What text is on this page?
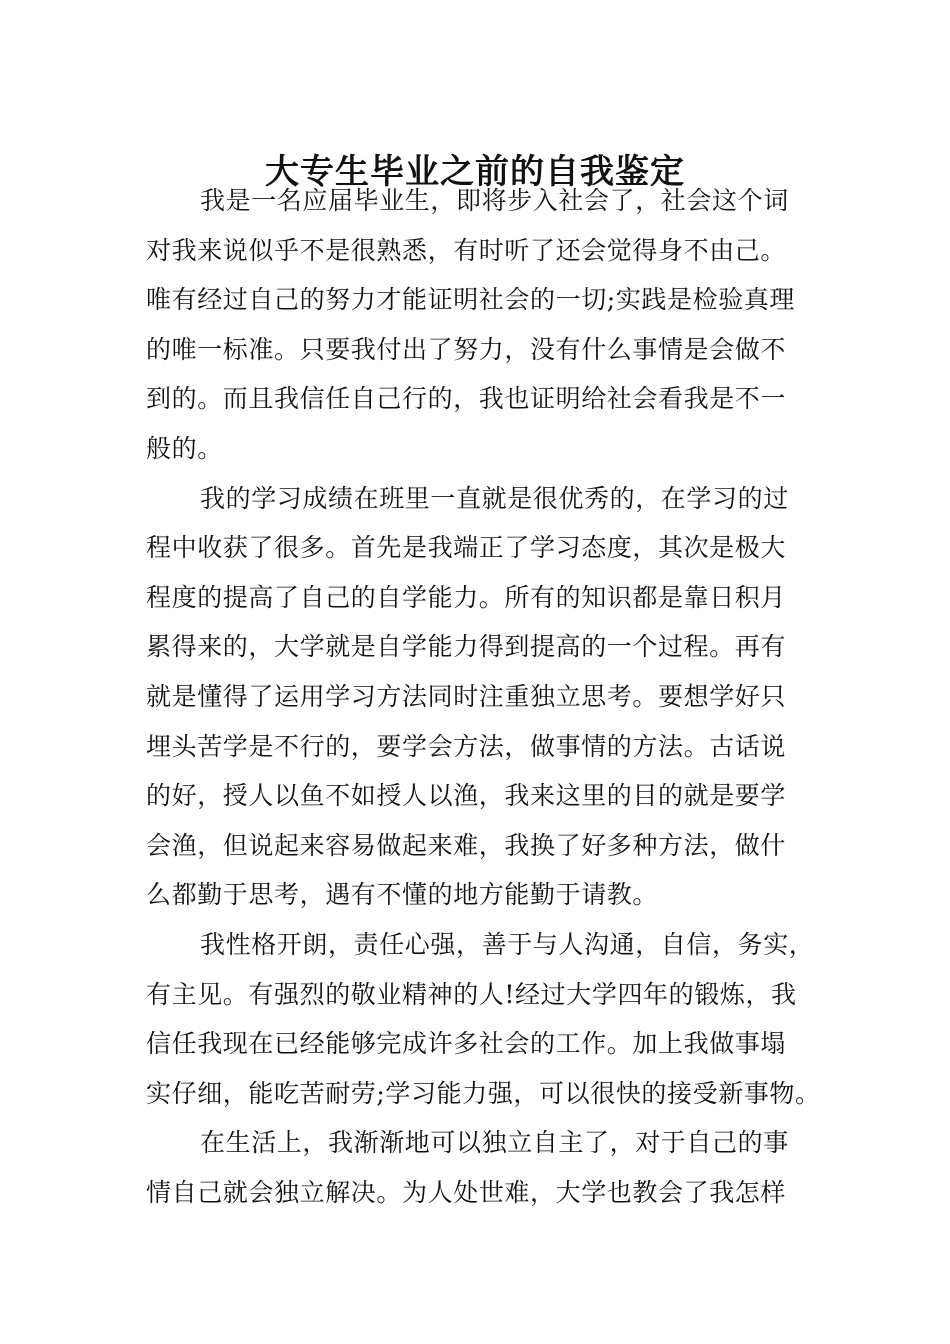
大专生毕业之前的自我鉴定
我是一名应届毕业生，即将步入社会了，社会这个词
对我来说似乎不是很熟悉，有时听了还会觉得身不由己。
唯有经过自己的努力才能证明社会的一切;实践是检验真理
的唯一标准。只要我付出了努力，没有什么事情是会做不
到的。而且我信任自己行的，我也证明给社会看我是不一
般的。
我的学习成绩在班里一直就是很优秀的，在学习的过
程中收获了很多。首先是我端正了学习态度，其次是极大
程度的提高了自己的自学能力。所有的知识都是靠日积月
累得来的，大学就是自学能力得到提高的一个过程。再有
就是懂得了运用学习方法同时注重独立思考。要想学好只
埋头苦学是不行的，要学会方法，做事情的方法。古话说
的好，授人以鱼不如授人以渔，我来这里的目的就是要学
会渔，但说起来容易做起来难，我换了好多种方法，做什
么都勤于思考，遇有不懂的地方能勤于请教。
我性格开朗，责任心强，善于与人沟通，自信，务实，
有主见。有强烈的敬业精神的人!经过大学四年的锻炼，我
信任我现在已经能够完成许多社会的工作。加上我做事塌
实仔细，能吃苦耐劳;学习能力强，可以很快的接受新事物。
在生活上，我渐渐地可以独立自主了，对于自己的事
情自己就会独立解决。为人处世难，大学也教会了我怎样
